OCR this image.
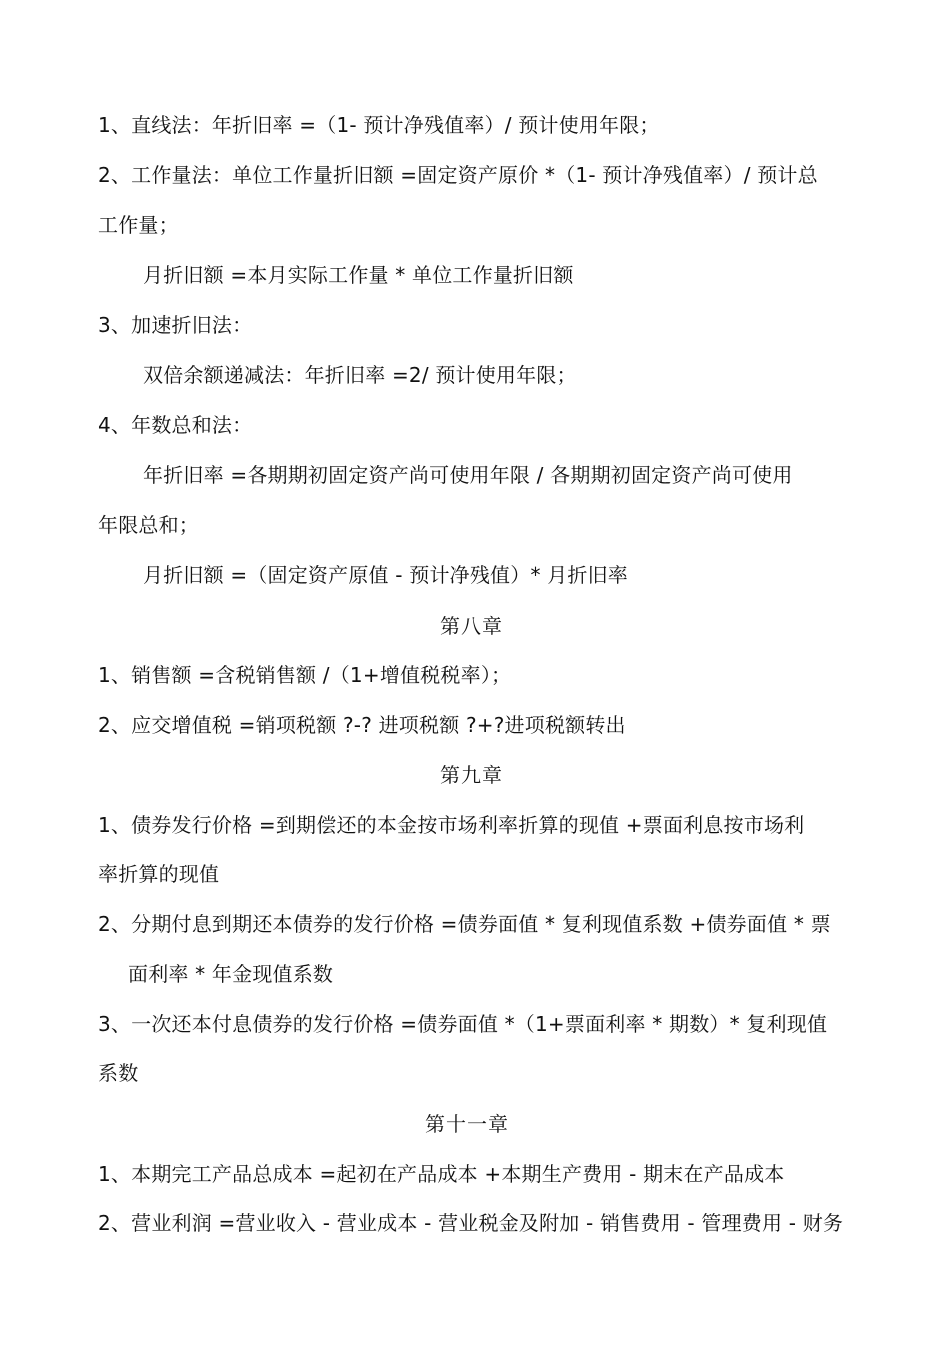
1、直线法：年折旧率 =（1- 预计净残值率）/ 预计使用年限；
2、工作量法：单位工作量折旧额 =固定资产原价 *（1- 预计净残值率）/ 预计总
工作量；
月折旧额 =本月实际工作量 * 单位工作量折旧额
3、加速折旧法：
双倍余额递减法：年折旧率 =2/ 预计使用年限；
4、年数总和法：
年折旧率 =各期期初固定资产尚可使用年限 / 各期期初固定资产尚可使用
年限总和；
月折旧额 =（固定资产原值 - 预计净残值）* 月折旧率
第八章
1、销售额 =含税销售额 /（1+增值税税率）；
2、应交增值税 =销项税额 ?-? 进项税额 ?+?进项税额转出
第九章
1、债券发行价格 =到期偿还的本金按市场利率折算的现值 +票面利息按市场利
率折算的现值
2、分期付息到期还本债券的发行价格 =债券面值 * 复利现值系数 +债券面值 * 票
面利率 * 年金现值系数
3、一次还本付息债券的发行价格 =债券面值 *（1+票面利率 * 期数）* 复利现值
系数
第十一章
1、本期完工产品总成本 =起初在产品成本 +本期生产费用 - 期末在产品成本
2、营业利润 =营业收入 - 营业成本 - 营业税金及附加 - 销售费用 - 管理费用 - 财务
